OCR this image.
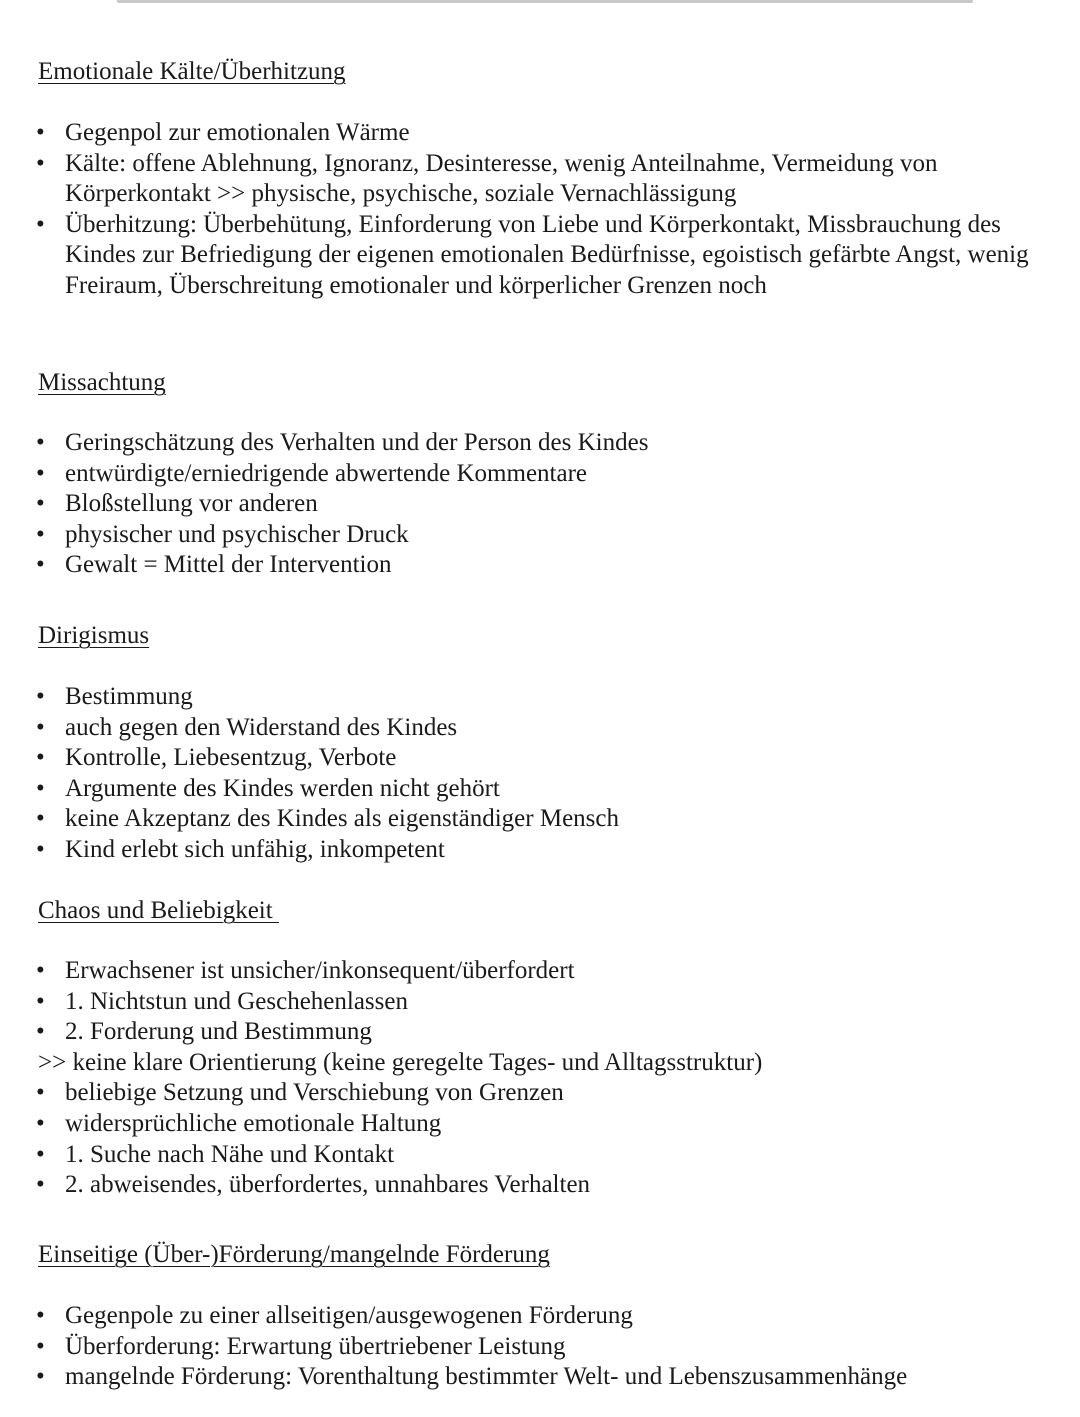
Emotionale Kälte/Überhitzung
• Gegenpol zur emotionalen Wärme
• Kälte: offene Ablehnung, Ignoranz, Desinteresse, wenig Anteilnahme, Vermeidung von Körperkontakt >> physische, psychische, soziale Vernachlässigung
• Überhitzung: Überbehütung, Einforderung von Liebe und Körperkontakt, Missbrauchung des Kindes zur Befriedigung der eigenen emotionalen Bedürfnisse, egoistisch gefärbte Angst, wenig Freiraum, Überschreitung emotionaler und körperlicher Grenzen noch
Missachtung
• Geringschätzung des Verhalten und der Person des Kindes
• entwürdigte/erniedrigende abwertende Kommentare
• Bloßstellung vor anderen
• physischer und psychischer Druck
• Gewalt = Mittel der Intervention
Dirigismus
• Bestimmung
• auch gegen den Widerstand des Kindes
• Kontrolle, Liebesentzug, Verbote
• Argumente des Kindes werden nicht gehört
• keine Akzeptanz des Kindes als eigenständiger Mensch
• Kind erlebt sich unfähig, inkompetent
Chaos und Beliebigkeit
• Erwachsener ist unsicher/inkonsequent/überfordert
• 1. Nichtstun und Geschehenlassen
• 2. Forderung und Bestimmung
>> keine klare Orientierung (keine geregelte Tages- und Alltagsstruktur)
• beliebige Setzung und Verschiebung von Grenzen
• widersprüchliche emotionale Haltung
• 1. Suche nach Nähe und Kontakt
• 2. abweisendes, überfordertes, unnahbares Verhalten
Einseitige (Über-)Förderung/mangelnde Förderung
• Gegenpole zu einer allseitigen/ausgewogenen Förderung
• Überforderung: Erwartung übertriebener Leistung
• mangelnde Förderung: Vorenthaltung bestimmter Welt- und Lebenszusammenhänge
